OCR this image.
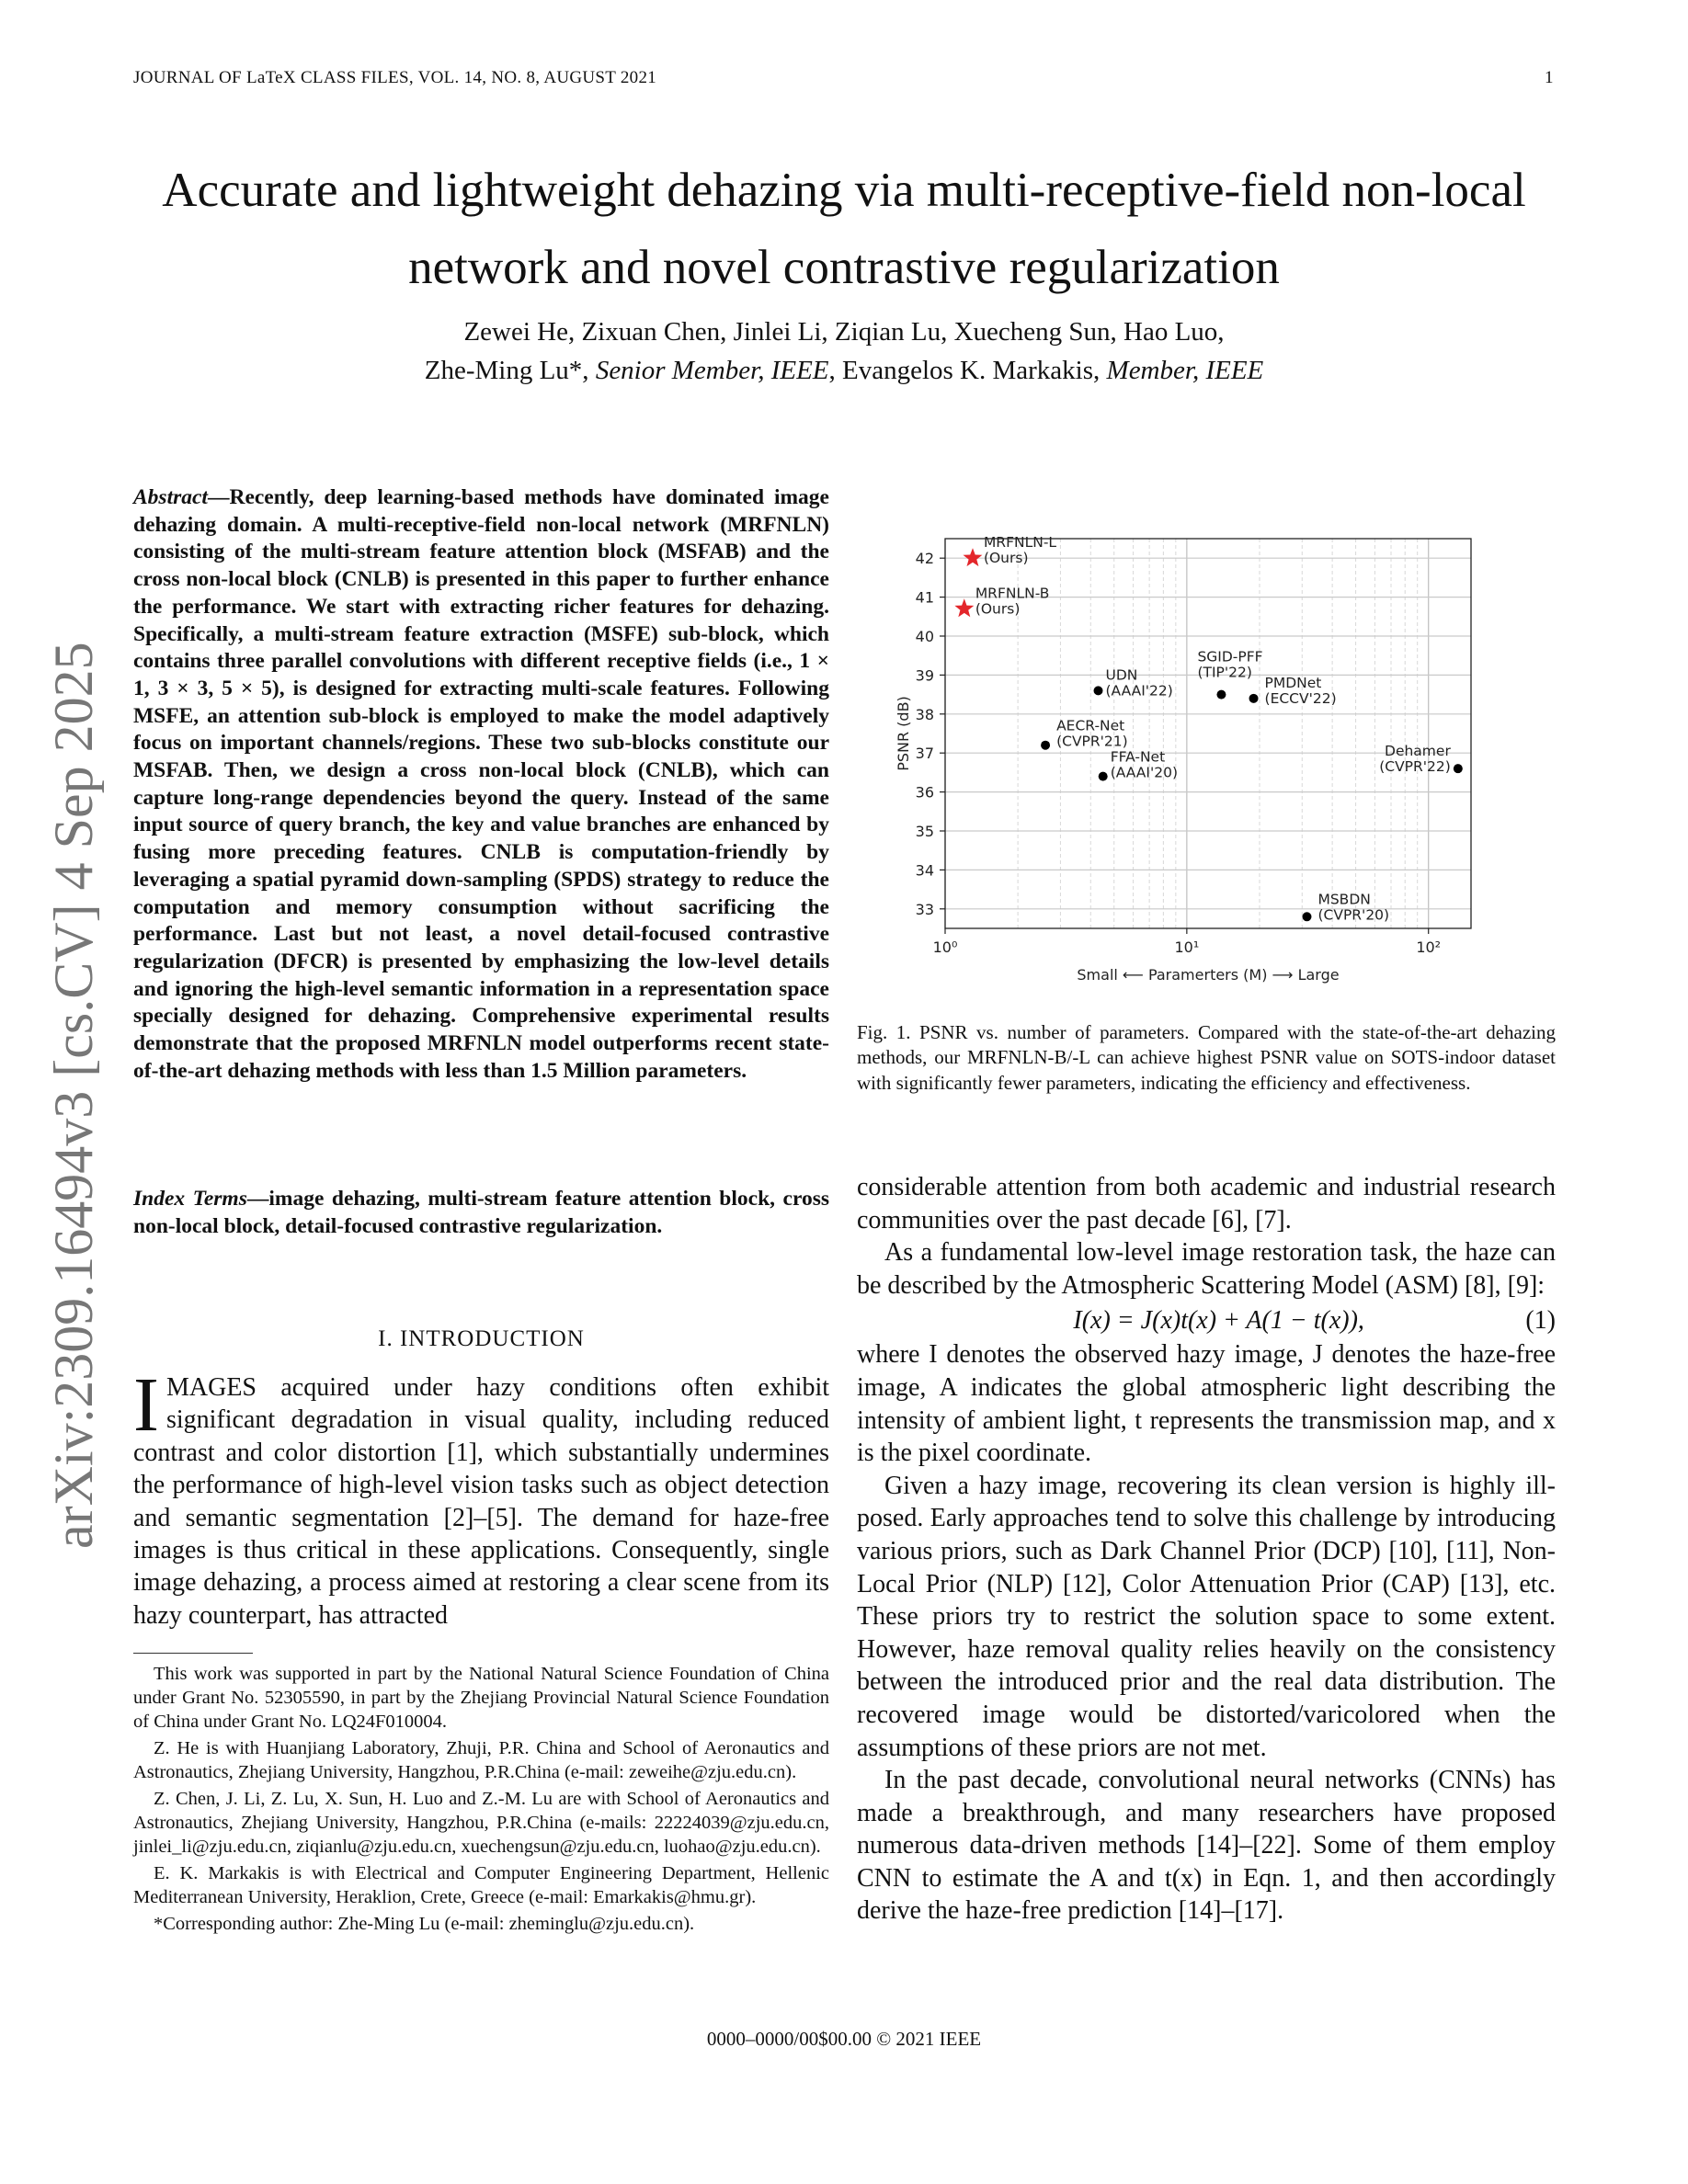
JOURNAL OF LaTeX CLASS FILES, VOL. 14, NO. 8, AUGUST 2021	1
arXiv:2309.16494v3 [cs.CV] 4 Sep 2025
Accurate and lightweight dehazing via multi-receptive-field non-local network and novel contrastive regularization
Zewei He, Zixuan Chen, Jinlei Li, Ziqian Lu, Xuecheng Sun, Hao Luo,
Zhe-Ming Lu*, Senior Member, IEEE, Evangelos K. Markakis, Member, IEEE
Abstract—Recently, deep learning-based methods have dominated image dehazing domain. A multi-receptive-field non-local network (MRFNLN) consisting of the multi-stream feature attention block (MSFAB) and the cross non-local block (CNLB) is presented in this paper to further enhance the performance. We start with extracting richer features for dehazing. Specifically, a multi-stream feature extraction (MSFE) sub-block, which contains three parallel convolutions with different receptive fields (i.e., 1 × 1, 3 × 3, 5 × 5), is designed for extracting multi-scale features. Following MSFE, an attention sub-block is employed to make the model adaptively focus on important channels/regions. These two sub-blocks constitute our MSFAB. Then, we design a cross non-local block (CNLB), which can capture long-range dependencies beyond the query. Instead of the same input source of query branch, the key and value branches are enhanced by fusing more preceding features. CNLB is computation-friendly by leveraging a spatial pyramid down-sampling (SPDS) strategy to reduce the computation and memory consumption without sacrificing the performance. Last but not least, a novel detail-focused contrastive regularization (DFCR) is presented by emphasizing the low-level details and ignoring the high-level semantic information in a representation space specially designed for dehazing. Comprehensive experimental results demonstrate that the proposed MRFNLN model outperforms recent state-of-the-art dehazing methods with less than 1.5 Million parameters.
Index Terms—image dehazing, multi-stream feature attention block, cross non-local block, detail-focused contrastive regularization.
I. INTRODUCTION
IMAGES acquired under hazy conditions often exhibit significant degradation in visual quality, including reduced contrast and color distortion [1], which substantially undermines the performance of high-level vision tasks such as object detection and semantic segmentation [2]–[5]. The demand for haze-free images is thus critical in these applications. Consequently, single image dehazing, a process aimed at restoring a clear scene from its hazy counterpart, has attracted

This work was supported in part by the National Natural Science Foundation of China under Grant No. 52305590, in part by the Zhejiang Provincial Natural Science Foundation of China under Grant No. LQ24F010004.

Z. He is with Huanjiang Laboratory, Zhuji, P.R. China and School of Aeronautics and Astronautics, Zhejiang University, Hangzhou, P.R.China (e-mail: zeweihe@zju.edu.cn).

Z. Chen, J. Li, Z. Lu, X. Sun, H. Luo and Z.-M. Lu are with School of Aeronautics and Astronautics, Zhejiang University, Hangzhou, P.R.China (e-mails: 22224039@zju.edu.cn, jinlei_li@zju.edu.cn, ziqianlu@zju.edu.cn, xuechengsun@zju.edu.cn, luohao@zju.edu.cn).

E. K. Markakis is with Electrical and Computer Engineering Department, Hellenic Mediterranean University, Heraklion, Crete, Greece (e-mail: Emarkakis@hmu.gr).

*Corresponding author: Zhe-Ming Lu (e-mail: zheminglu@zju.edu.cn).

33
34
35
36
37
38
39
40
41
42
10⁰	10¹	10²
Small ⟵ Paramerters (M) ⟶ Large
PSNR (dB)
MRFNLN-L
(Ours)
MRFNLN-B
(Ours)
UDN
(AAAI'22)
SGID-PFF
(TIP'22)
PMDNet
(ECCV'22)
AECR-Net
(CVPR'21)
FFA-Net
(AAAI'20)
Dehamer
(CVPR'22)
MSBDN
(CVPR'20)
Fig. 1. PSNR vs. number of parameters. Compared with the state-of-the-art dehazing methods, our MRFNLN-B/-L can achieve highest PSNR value on SOTS-indoor dataset with significantly fewer parameters, indicating the efficiency and effectiveness.

considerable attention from both academic and industrial research communities over the past decade [6], [7].

As a fundamental low-level image restoration task, the haze can be described by the Atmospheric Scattering Model (ASM) [8], [9]:

I(x) = J(x)t(x) + A(1 − t(x)),	(1)

where I denotes the observed hazy image, J denotes the haze-free image, A indicates the global atmospheric light describing the intensity of ambient light, t represents the transmission map, and x is the pixel coordinate.

Given a hazy image, recovering its clean version is highly ill-posed. Early approaches tend to solve this challenge by introducing various priors, such as Dark Channel Prior (DCP) [10], [11], Non-Local Prior (NLP) [12], Color Attenuation Prior (CAP) [13], etc. These priors try to restrict the solution space to some extent. However, haze removal quality relies heavily on the consistency between the introduced prior and the real data distribution. The recovered image would be distorted/varicolored when the assumptions of these priors are not met.

In the past decade, convolutional neural networks (CNNs) has made a breakthrough, and many researchers have proposed numerous data-driven methods [14]–[22]. Some of them employ CNN to estimate the A and t(x) in Eqn. 1, and then accordingly derive the haze-free prediction [14]–[17].

0000–0000/00$00.00 © 2021 IEEE
